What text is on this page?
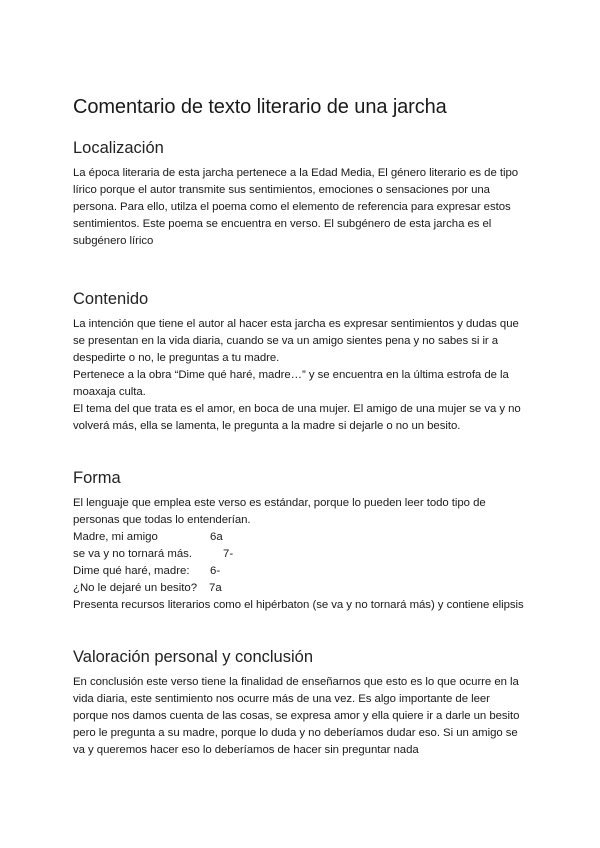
Comentario de texto literario de una jarcha
Localización

La época literaria de esta jarcha pertenece a la Edad Media, El género literario es de tipo lírico porque el autor transmite sus sentimientos, emociones o sensaciones por una persona. Para ello, utilza el poema como el elemento de referencia para expresar estos sentimientos. Este poema se encuentra en verso. El subgénero de esta jarcha es el subgénero lírico

Contenido

La intención que tiene el autor al hacer esta jarcha es expresar sentimientos y dudas que se presentan en la vida diaria, cuando se va un amigo sientes pena y no sabes si ir a despedirte o no, le preguntas a tu madre.

Pertenece a la obra “Dime qué haré, madre…” y se encuentra en la última estrofa de la moaxaja culta.

El tema del que trata es el amor, en boca de una mujer. El amigo de una mujer se va y no volverá más, ella se lamenta, le pregunta a la madre si dejarle o no un besito.

Forma

El lenguaje que emplea este verso es estándar, porque lo pueden leer todo tipo de personas que todas lo entenderían.

Madre, mi amigo	6a
se va y no tornará más.	7-
Dime qué haré, madre:	6-
¿No le dejaré un besito?	7a

Presenta recursos literarios como el hipérbaton (se va y no tornará más) y contiene elipsis

Valoración personal y conclusión

En conclusión este verso tiene la finalidad de enseñarnos que esto es lo que ocurre en la vida diaria, este sentimiento nos ocurre más de una vez. Es algo importante de leer porque nos damos cuenta de las cosas, se expresa amor y ella quiere ir a darle un besito pero le pregunta a su madre, porque lo duda y no deberíamos dudar eso. Si un amigo se va y queremos hacer eso lo deberíamos de hacer sin preguntar nada
